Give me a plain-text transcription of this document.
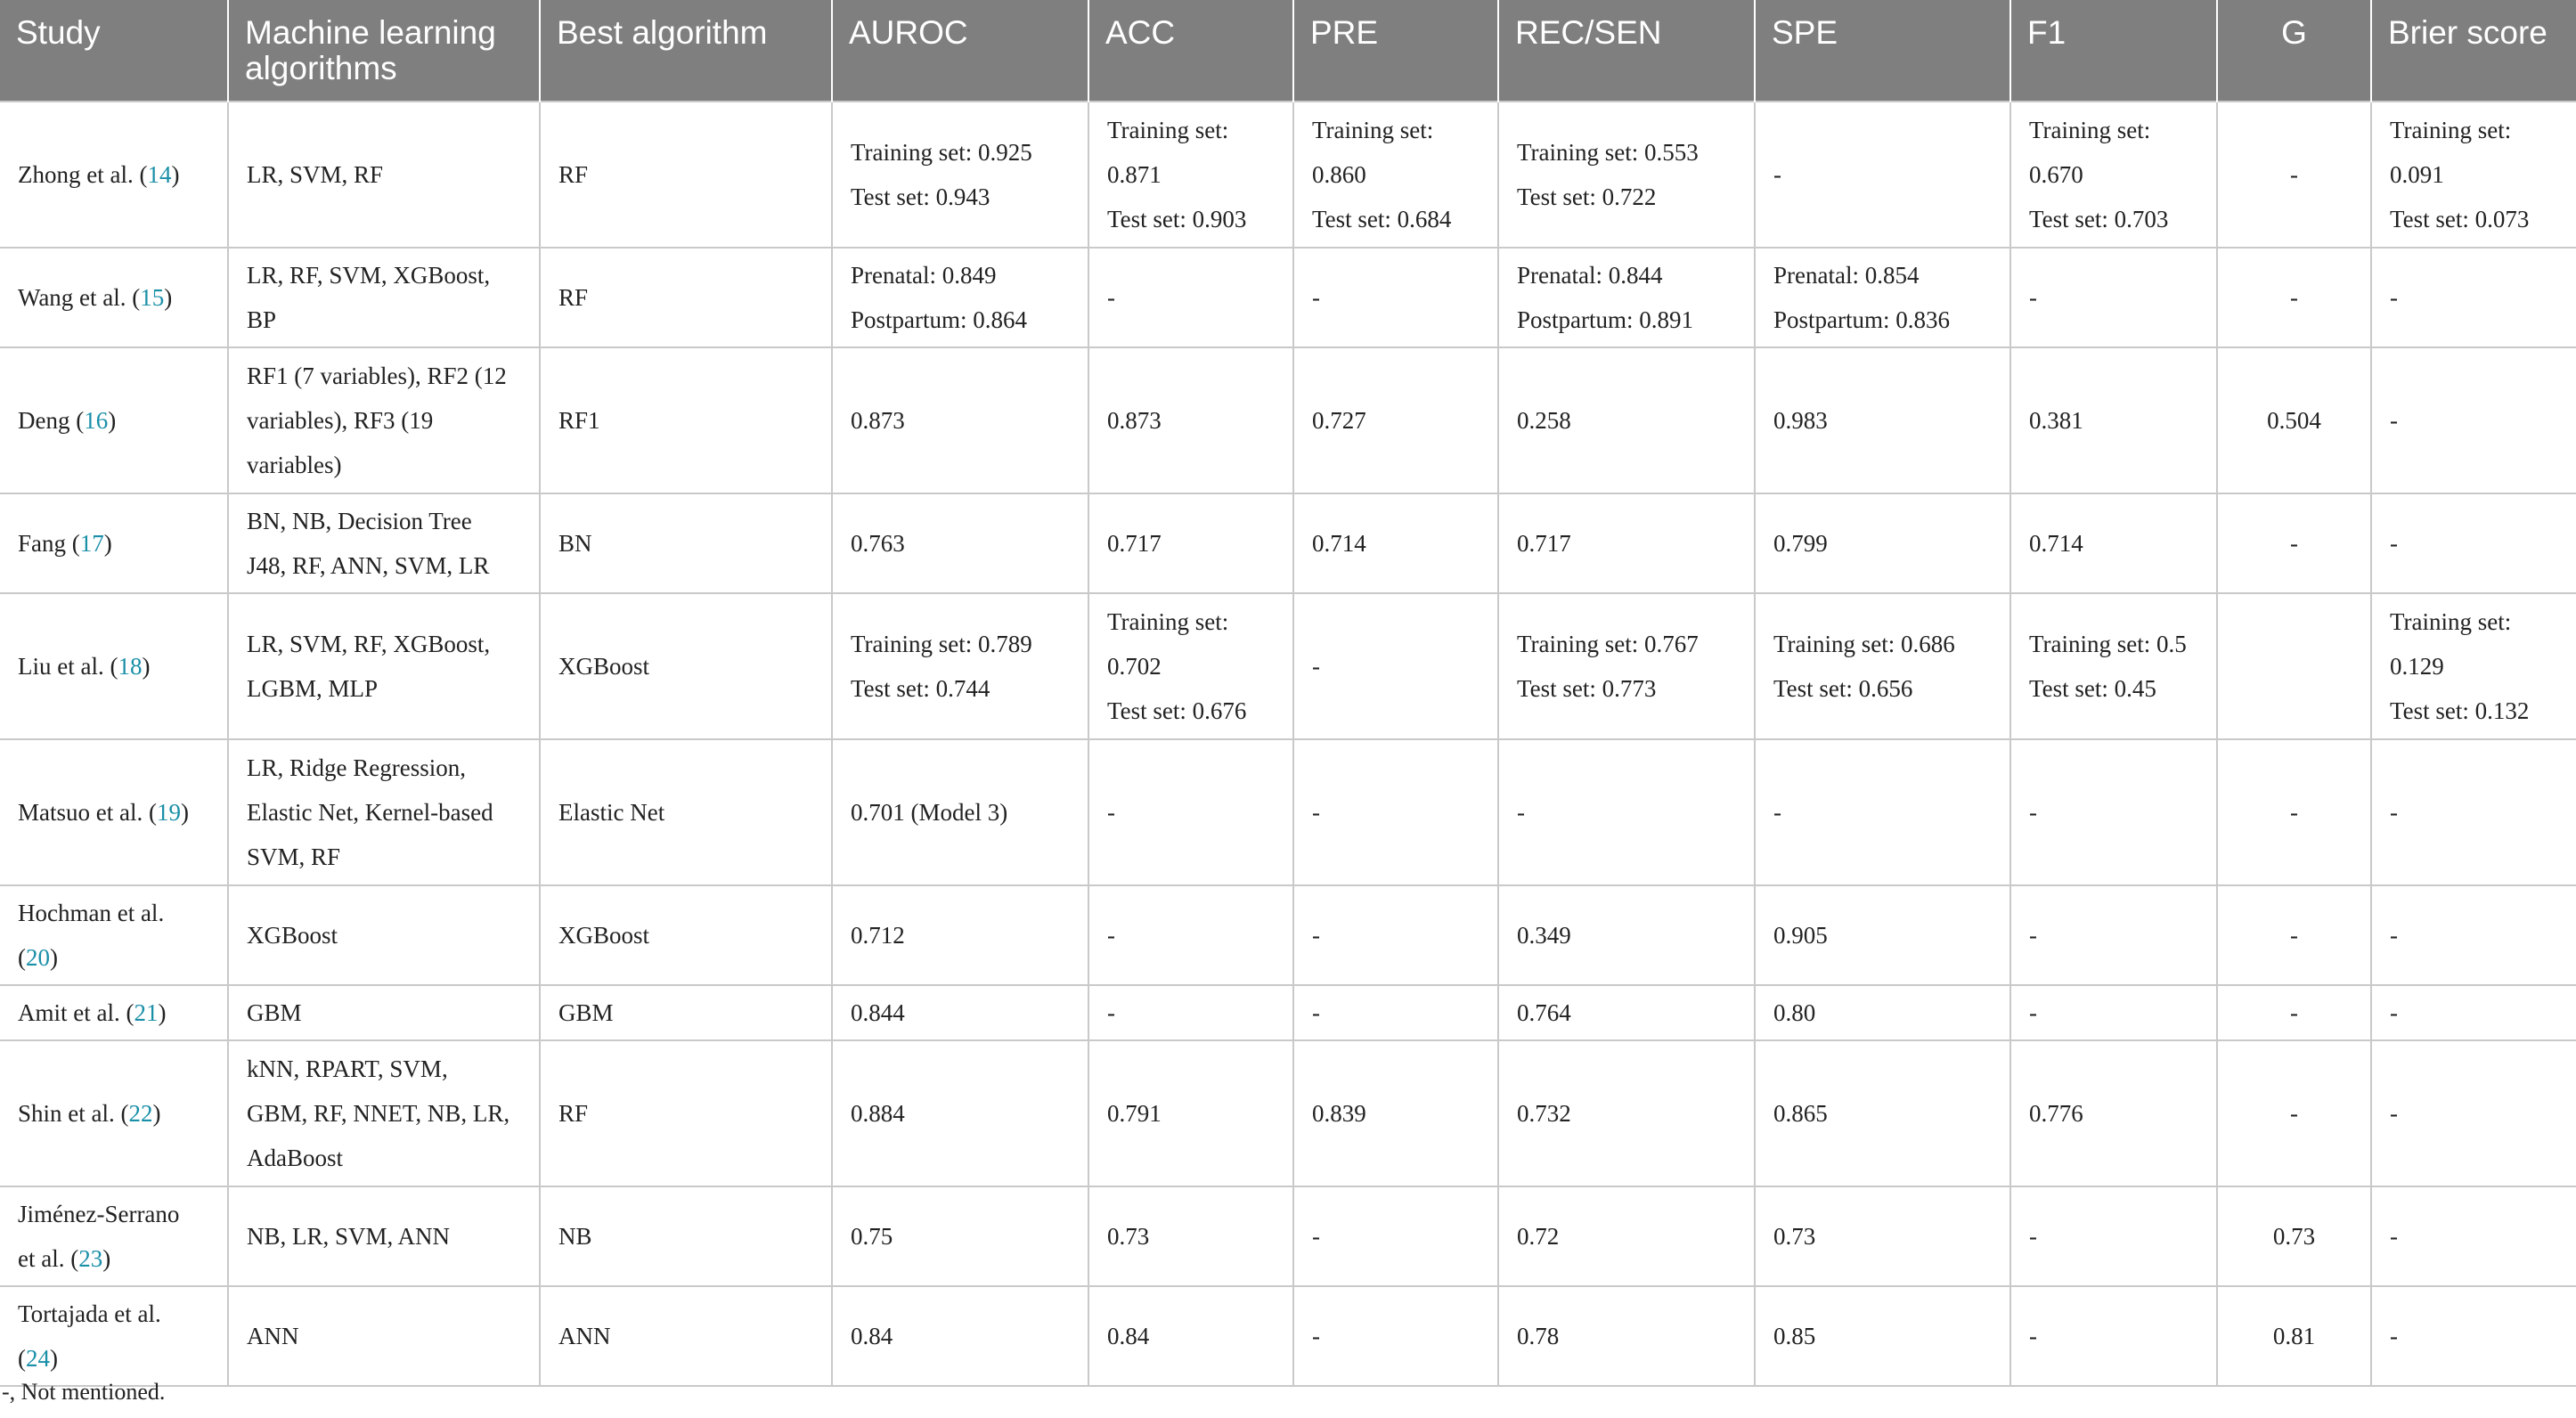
Study	Machine learning algorithms	Best algorithm	AUROC	ACC	PRE	REC/SEN	SPE	F1	G	Brier score
Zhong et al. (14)	LR, SVM, RF	RF	Training set: 0.925
Test set: 0.943	Training set:
0.871
Test set: 0.903	Training set:
0.860
Test set: 0.684	Training set: 0.553
Test set: 0.722	-	Training set:
0.670
Test set: 0.703	-	Training set:
0.091
Test set: 0.073

Wang et al. (15)	LR, RF, SVM, XGBoost,
BP	RF	Prenatal: 0.849
Postpartum: 0.864	-	-	Prenatal: 0.844
Postpartum: 0.891	Prenatal: 0.854
Postpartum: 0.836	-	-	-

Deng (16)	RF1 (7 variables), RF2 (12
variables), RF3 (19
variables)	RF1	0.873	0.873	0.727	0.258	0.983	0.381	0.504	-

Fang (17)	BN, NB, Decision Tree
J48, RF, ANN, SVM, LR	BN	0.763	0.717	0.714	0.717	0.799	0.714	-	-

Liu et al. (18)	LR, SVM, RF, XGBoost,
LGBM, MLP	XGBoost	Training set: 0.789
Test set: 0.744	Training set:
0.702
Test set: 0.676	-	Training set: 0.767
Test set: 0.773	Training set: 0.686
Test set: 0.656	Training set: 0.5
Test set: 0.45		Training set:
0.129
Test set: 0.132

Matsuo et al. (19)	LR, Ridge Regression,
Elastic Net, Kernel-based
SVM, RF	Elastic Net	0.701 (Model 3)	-	-	-	-	-	-	-

Hochman et al.
(20)	XGBoost	XGBoost	0.712	-	-	0.349	0.905	-	-	-

Amit et al. (21)	GBM	GBM	0.844	-	-	0.764	0.80	-	-	-

Shin et al. (22)	kNN, RPART, SVM,
GBM, RF, NNET, NB, LR,
AdaBoost	RF	0.884	0.791	0.839	0.732	0.865	0.776	-	-

Jiménez-Serrano
et al. (23)	NB, LR, SVM, ANN	NB	0.75	0.73	-	0.72	0.73	-	0.73	-

Tortajada et al.
(24)	ANN	ANN	0.84	0.84	-	0.78	0.85	-	0.81	-
-, Not mentioned.
